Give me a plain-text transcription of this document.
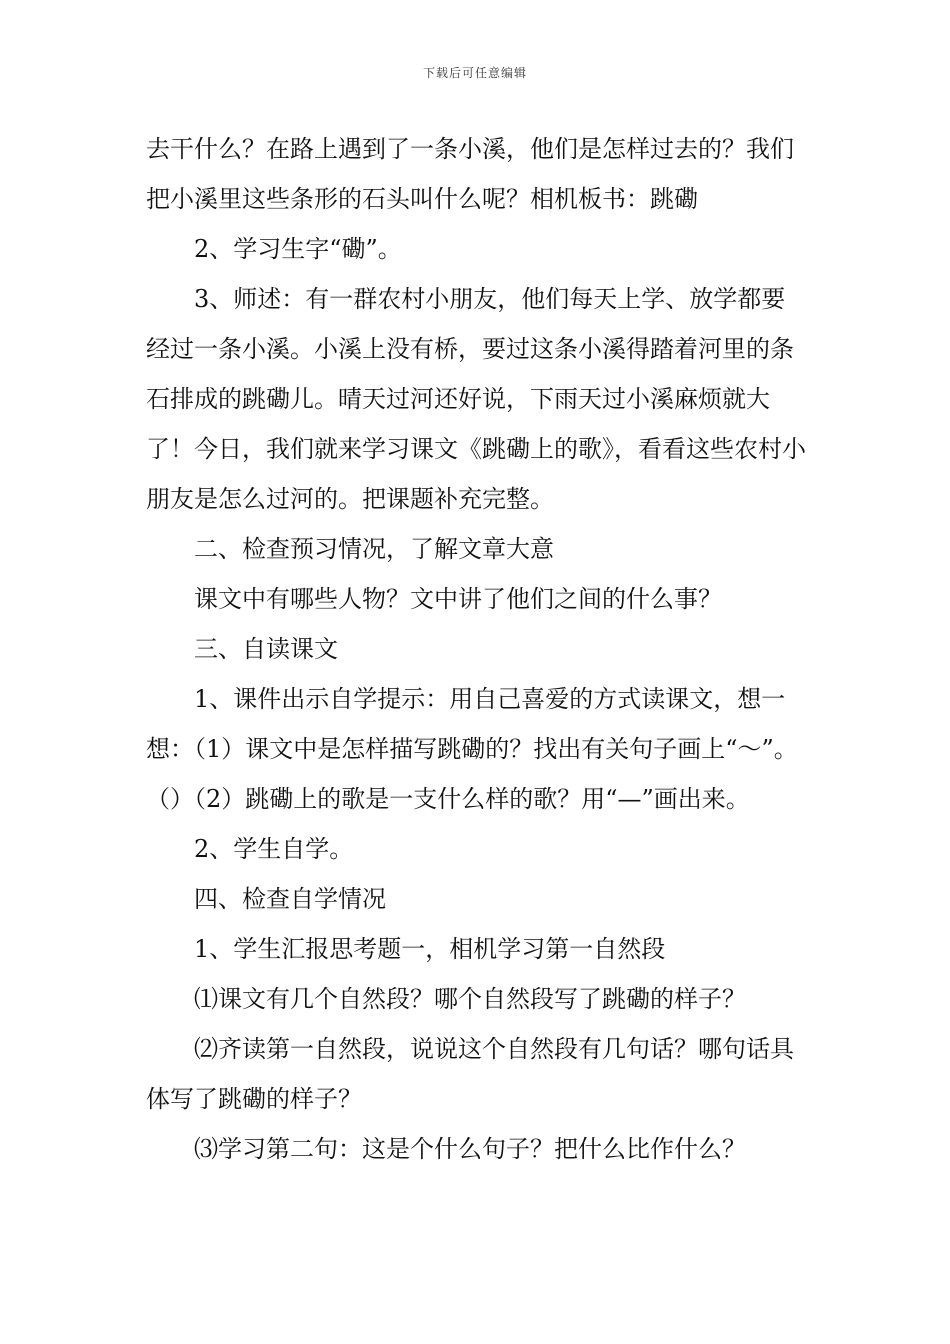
下载后可任意编辑

去干什么？在路上遇到了一条小溪，他们是怎样过去的？我们把小溪里这些条形的石头叫什么呢？相机板书：跳磡

2、学习生字“磡”。

3、师述：有一群农村小朋友，他们每天上学、放学都要经过一条小溪。小溪上没有桥，要过这条小溪得踏着河里的条石排成的跳磡儿。晴天过河还好说，下雨天过小溪麻烦就大了！今日，我们就来学习课文《跳磡上的歌》，看看这些农村小朋友是怎么过河的。把课题补充完整。

二、检查预习情况，了解文章大意

课文中有哪些人物？文中讲了他们之间的什么事？

三、自读课文

1、课件出示自学提示：用自己喜爱的方式读课文，想一想：（1）课文中是怎样描写跳磡的？找出有关句子画上“～”。（）（2）跳磡上的歌是一支什么样的歌？用“—”画出来。

2、学生自学。

四、检查自学情况

1、学生汇报思考题一，相机学习第一自然段

⑴课文有几个自然段？哪个自然段写了跳磡的样子？

⑵齐读第一自然段，说说这个自然段有几句话？哪句话具体写了跳磡的样子？

⑶学习第二句：这是个什么句子？把什么比作什么？
